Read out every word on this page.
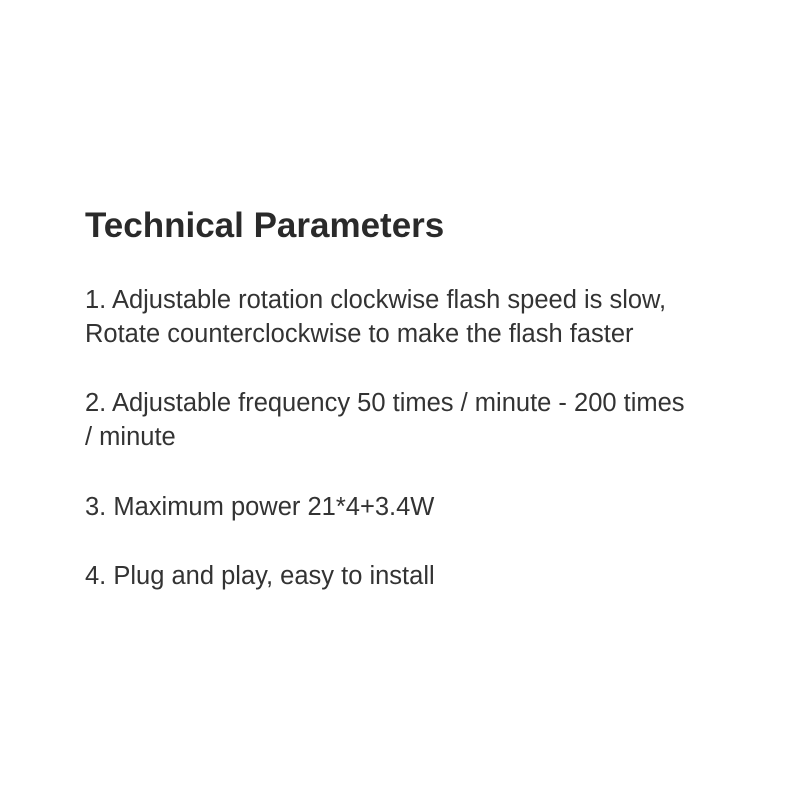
Technical Parameters

1. Adjustable rotation clockwise flash speed is slow,
Rotate counterclockwise to make the flash faster

2. Adjustable frequency 50 times / minute - 200 times
/ minute

3. Maximum power 21*4+3.4W

4. Plug and play, easy to install
